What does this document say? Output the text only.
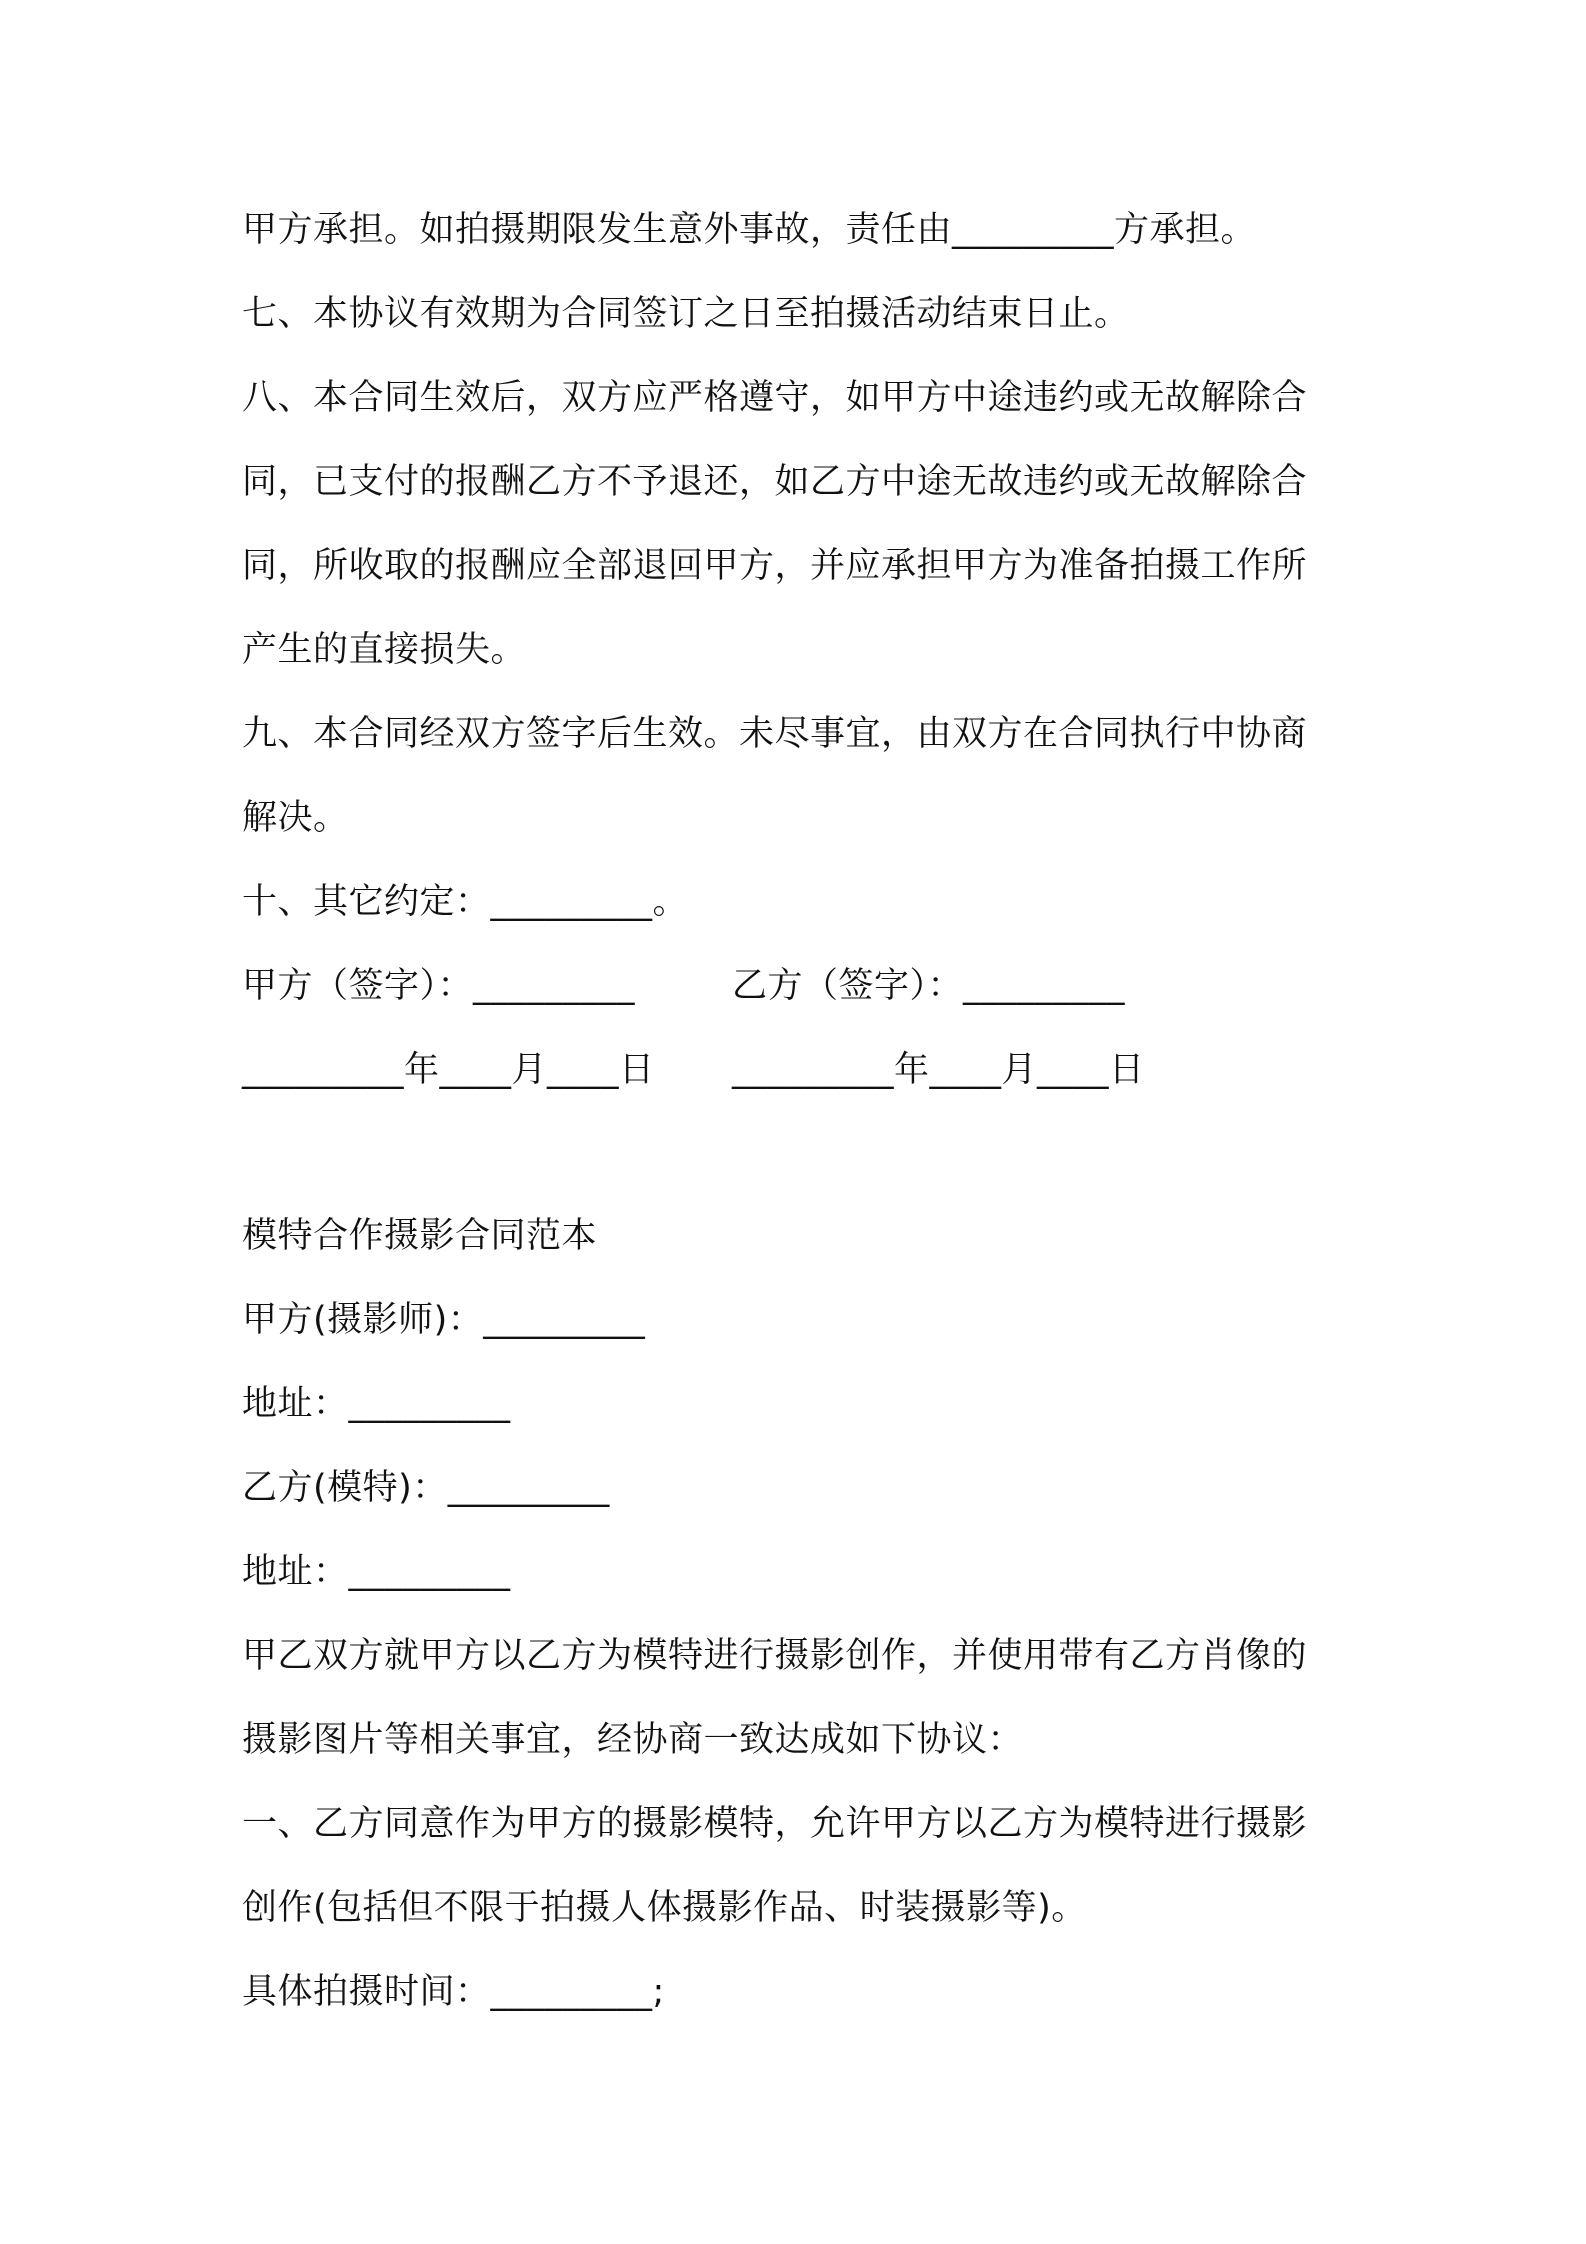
甲方承担。如拍摄期限发生意外事故，责任由_________方承担。
七、本协议有效期为合同签订之日至拍摄活动结束日止。
八、本合同生效后，双方应严格遵守，如甲方中途违约或无故解除合
同，已支付的报酬乙方不予退还，如乙方中途无故违约或无故解除合
同，所收取的报酬应全部退回甲方，并应承担甲方为准备拍摄工作所
产生的直接损失。
九、本合同经双方签字后生效。未尽事宜，由双方在合同执行中协商
解决。
十、其它约定：_________。
甲方（签字）：_________	乙方（签字）：_________
_________年____月____日 _________年____月____日
模特合作摄影合同范本
甲方(摄影师)：_________
地址：_________
乙方(模特)：_________
地址：_________
甲乙双方就甲方以乙方为模特进行摄影创作，并使用带有乙方肖像的
摄影图片等相关事宜，经协商一致达成如下协议：
一、乙方同意作为甲方的摄影模特，允许甲方以乙方为模特进行摄影
创作(包括但不限于拍摄人体摄影作品、时装摄影等)。
具体拍摄时间：_________;
